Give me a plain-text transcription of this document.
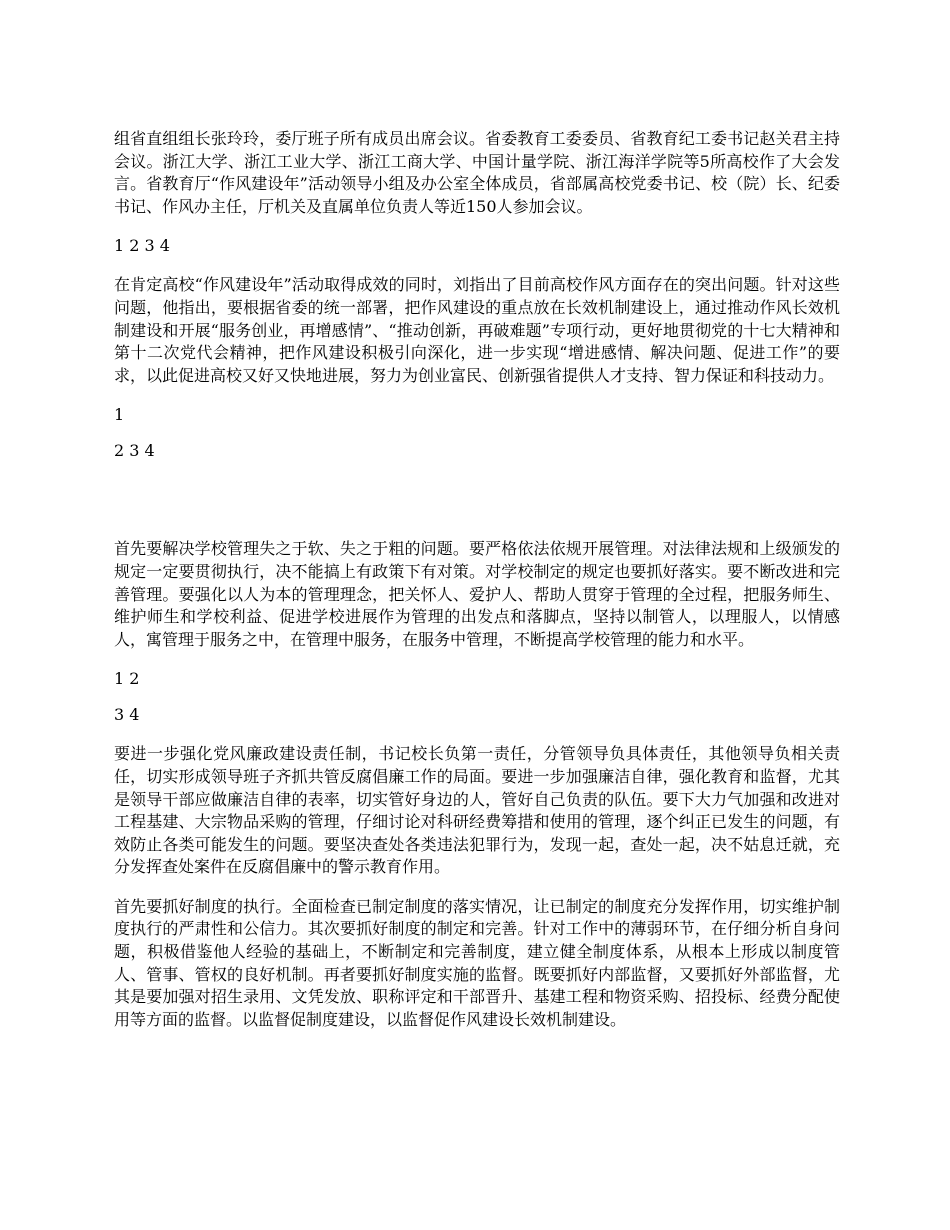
组省直组组长张玲玲，委厅班子所有成员出席会议。省委教育工委委员、省教育纪工委书记赵关君主持会议。浙江大学、浙江工业大学、浙江工商大学、中国计量学院、浙江海洋学院等5所高校作了大会发言。省教育厅“作风建设年”活动领导小组及办公室全体成员，省部属高校党委书记、校（院）长、纪委书记、作风办主任，厅机关及直属单位负责人等近150人参加会议。

1 2 3 4

在肯定高校“作风建设年”活动取得成效的同时，刘指出了目前高校作风方面存在的突出问题。针对这些问题，他指出，要根据省委的统一部署，把作风建设的重点放在长效机制建设上，通过推动作风长效机制建设和开展“服务创业，再增感情”、“推动创新，再破难题”专项行动，更好地贯彻党的十七大精神和第十二次党代会精神，把作风建设积极引向深化，进一步实现“增进感情、解决问题、促进工作”的要求，以此促进高校又好又快地进展，努力为创业富民、创新强省提供人才支持、智力保证和科技动力。

1

2 3 4

首先要解决学校管理失之于软、失之于粗的问题。要严格依法依规开展管理。对法律法规和上级颁发的规定一定要贯彻执行，决不能搞上有政策下有对策。对学校制定的规定也要抓好落实。要不断改进和完善管理。要强化以人为本的管理理念，把关怀人、爱护人、帮助人贯穿于管理的全过程，把服务师生、维护师生和学校利益、促进学校进展作为管理的出发点和落脚点，坚持以制管人，以理服人，以情感人，寓管理于服务之中，在管理中服务，在服务中管理，不断提高学校管理的能力和水平。

1 2

3 4

要进一步强化党风廉政建设责任制，书记校长负第一责任，分管领导负具体责任，其他领导负相关责任，切实形成领导班子齐抓共管反腐倡廉工作的局面。要进一步加强廉洁自律，强化教育和监督，尤其是领导干部应做廉洁自律的表率，切实管好身边的人，管好自己负责的队伍。要下大力气加强和改进对工程基建、大宗物品采购的管理，仔细讨论对科研经费筹措和使用的管理，逐个纠正已发生的问题，有效防止各类可能发生的问题。要坚决查处各类违法犯罪行为，发现一起，查处一起，决不姑息迁就，充分发挥查处案件在反腐倡廉中的警示教育作用。

首先要抓好制度的执行。全面检查已制定制度的落实情况，让已制定的制度充分发挥作用，切实维护制度执行的严肃性和公信力。其次要抓好制度的制定和完善。针对工作中的薄弱环节，在仔细分析自身问题，积极借鉴他人经验的基础上，不断制定和完善制度，建立健全制度体系，从根本上形成以制度管人、管事、管权的良好机制。再者要抓好制度实施的监督。既要抓好内部监督，又要抓好外部监督，尤其是要加强对招生录用、文凭发放、职称评定和干部晋升、基建工程和物资采购、招投标、经费分配使用等方面的监督。以监督促制度建设，以监督促作风建设长效机制建设。
